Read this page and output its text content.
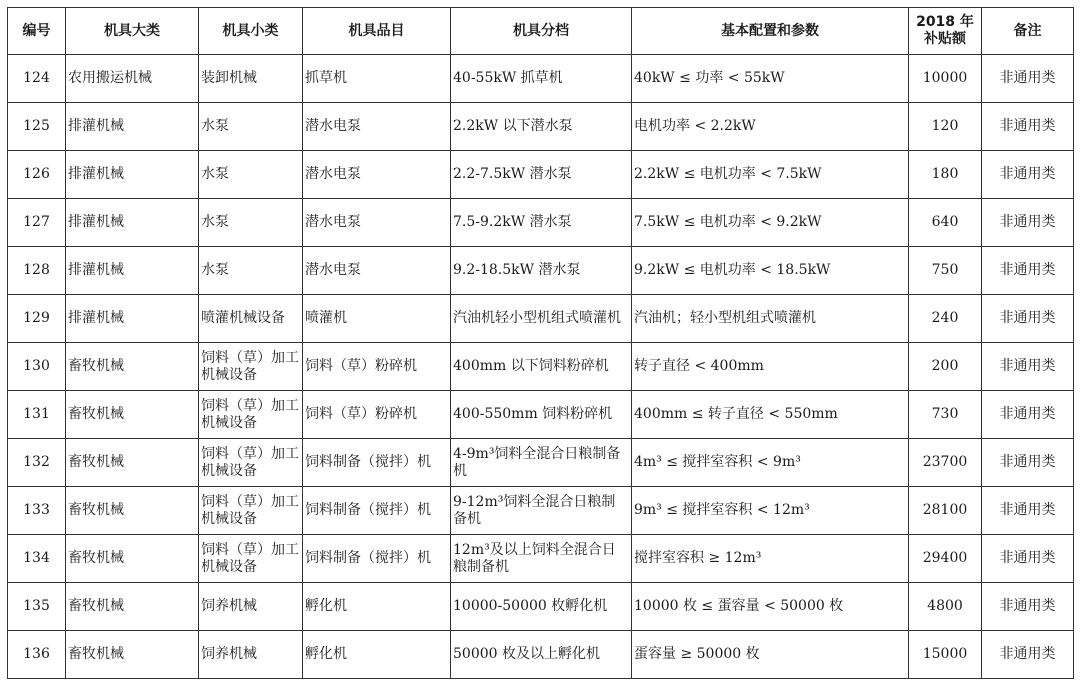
编号	机具大类	机具小类	机具品目	机具分档	基本配置和参数	2018 年补贴额	备注
124	农用搬运机械	装卸机械	抓草机	40-55kW 抓草机	40kW ≤ 功率 < 55kW	10000	非通用类
125	排灌机械	水泵	潜水电泵	2.2kW 以下潜水泵	电机功率 < 2.2kW	120	非通用类
126	排灌机械	水泵	潜水电泵	2.2-7.5kW 潜水泵	2.2kW ≤ 电机功率 < 7.5kW	180	非通用类
127	排灌机械	水泵	潜水电泵	7.5-9.2kW 潜水泵	7.5kW ≤ 电机功率 < 9.2kW	640	非通用类
128	排灌机械	水泵	潜水电泵	9.2-18.5kW 潜水泵	9.2kW ≤ 电机功率 < 18.5kW	750	非通用类
129	排灌机械	喷灌机械设备	喷灌机	汽油机轻小型机组式喷灌机	汽油机；轻小型机组式喷灌机	240	非通用类
130	畜牧机械	饲料（草）加工机械设备	饲料（草）粉碎机	400mm 以下饲料粉碎机	转子直径 < 400mm	200	非通用类
131	畜牧机械	饲料（草）加工机械设备	饲料（草）粉碎机	400-550mm 饲料粉碎机	400mm ≤ 转子直径 < 550mm	730	非通用类
132	畜牧机械	饲料（草）加工机械设备	饲料制备（搅拌）机	4-9m³饲料全混合日粮制备机	4m³ ≤ 搅拌室容积 < 9m³	23700	非通用类
133	畜牧机械	饲料（草）加工机械设备	饲料制备（搅拌）机	9-12m³饲料全混合日粮制备机	9m³ ≤ 搅拌室容积 < 12m³	28100	非通用类
134	畜牧机械	饲料（草）加工机械设备	饲料制备（搅拌）机	12m³及以上饲料全混合日粮制备机	搅拌室容积 ≥ 12m³	29400	非通用类
135	畜牧机械	饲养机械	孵化机	10000-50000 枚孵化机	10000 枚 ≤ 蛋容量 < 50000 枚	4800	非通用类
136	畜牧机械	饲养机械	孵化机	50000 枚及以上孵化机	蛋容量 ≥ 50000 枚	15000	非通用类
